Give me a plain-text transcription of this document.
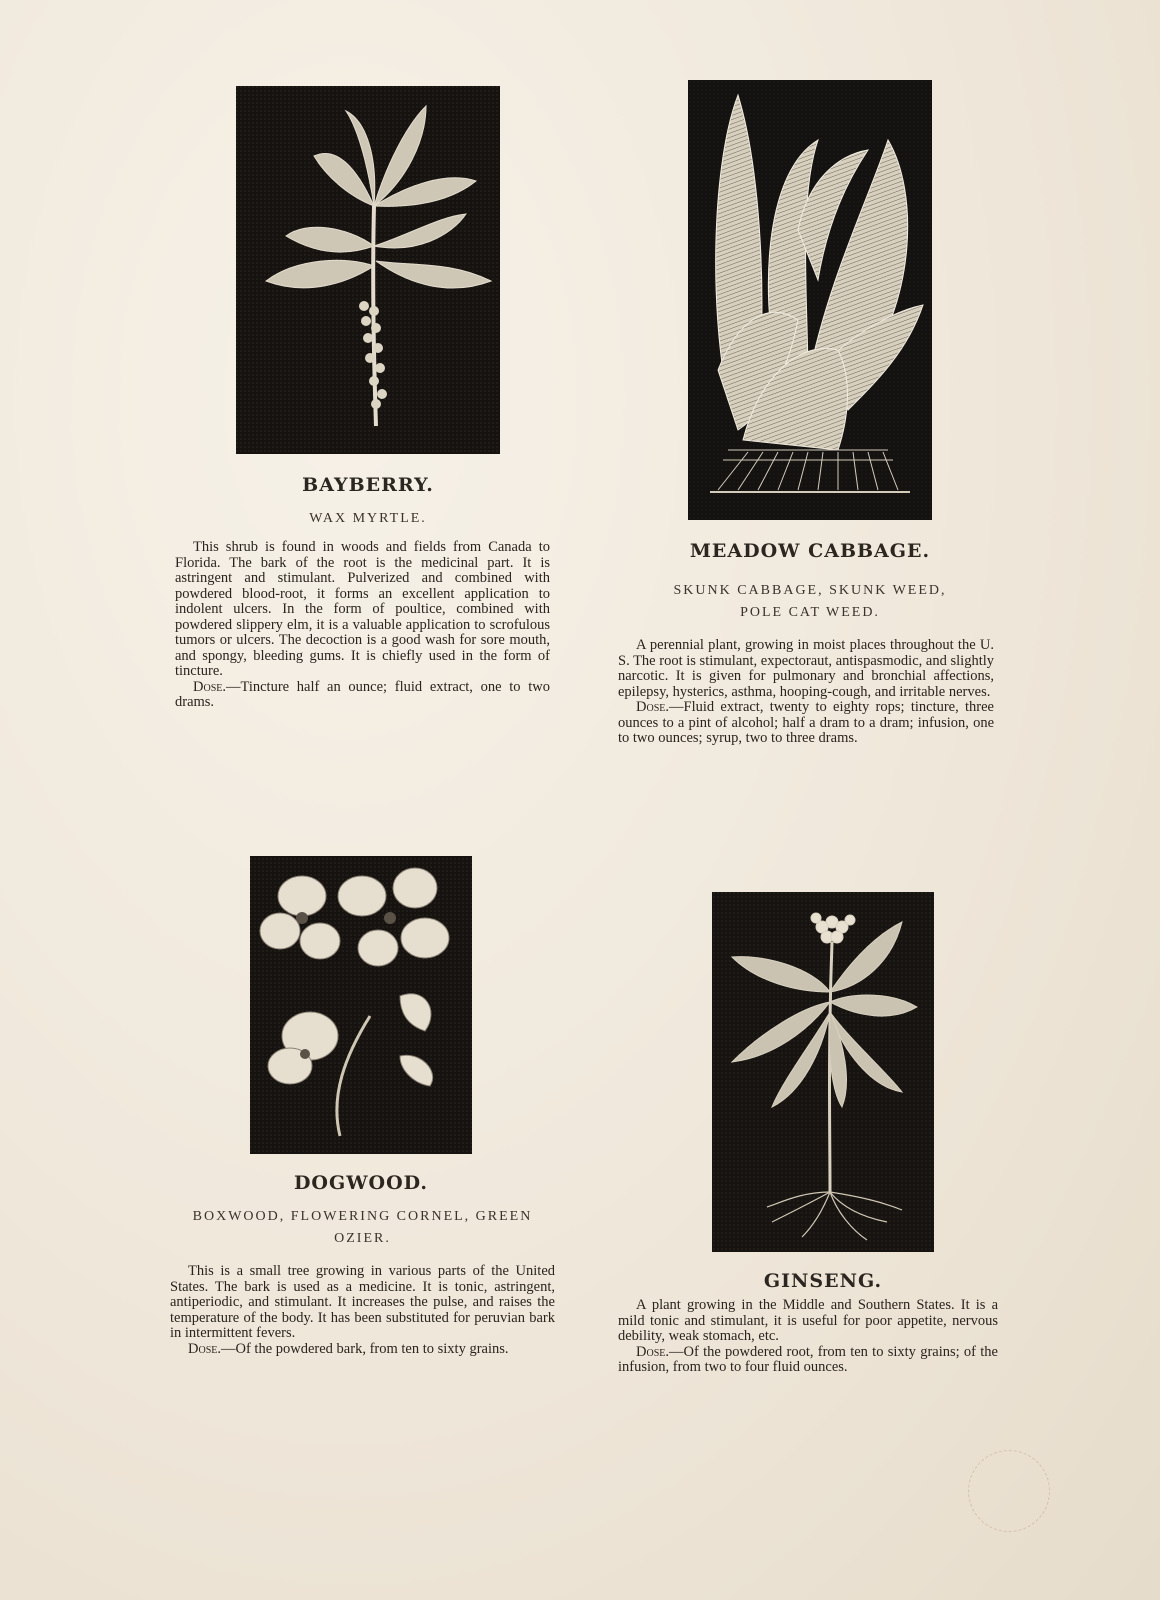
BAYBERRY.
WAX MYRTLE.

This shrub is found in woods and fields from Canada to Florida. The bark of the root is the medicinal part. It is astringent and stimulant. Pulverized and combined with powdered blood-root, it forms an excellent application to indolent ulcers. In the form of poultice, combined with powdered slippery elm, it is a valuable application to scrofulous tumors or ulcers. The decoction is a good wash for sore mouth, and spongy, bleeding gums. It is chiefly used in the form of tincture.

Dose.—Tincture half an ounce; fluid extract, one to two drams.

MEADOW CABBAGE.
SKUNK CABBAGE, SKUNK WEED, POLE CAT WEED.

A perennial plant, growing in moist places throughout the U. S. The root is stimulant, expectoraut, antispasmodic, and slightly narcotic. It is given for pulmonary and bronchial affections, epilepsy, hysterics, asthma, hooping-cough, and irritable nerves.

Dose.—Fluid extract, twenty to eighty rops; tincture, three ounces to a pint of alcohol; half a dram to a dram; infusion, one to two ounces; syrup, two to three drams.

DOGWOOD.
BOXWOOD, FLOWERING CORNEL, GREEN OZIER.

This is a small tree growing in various parts of the United States. The bark is used as a medicine. It is tonic, astringent, antiperiodic, and stimulant. It increases the pulse, and raises the temperature of the body. It has been substituted for peruvian bark in intermittent fevers.

Dose.—Of the powdered bark, from ten to sixty grains.

GINSENG.

A plant growing in the Middle and Southern States. It is a mild tonic and stimulant, it is useful for poor appetite, nervous debility, weak stomach, etc.

Dose.—Of the powdered root, from ten to sixty grains; of the infusion, from two to four fluid ounces.
